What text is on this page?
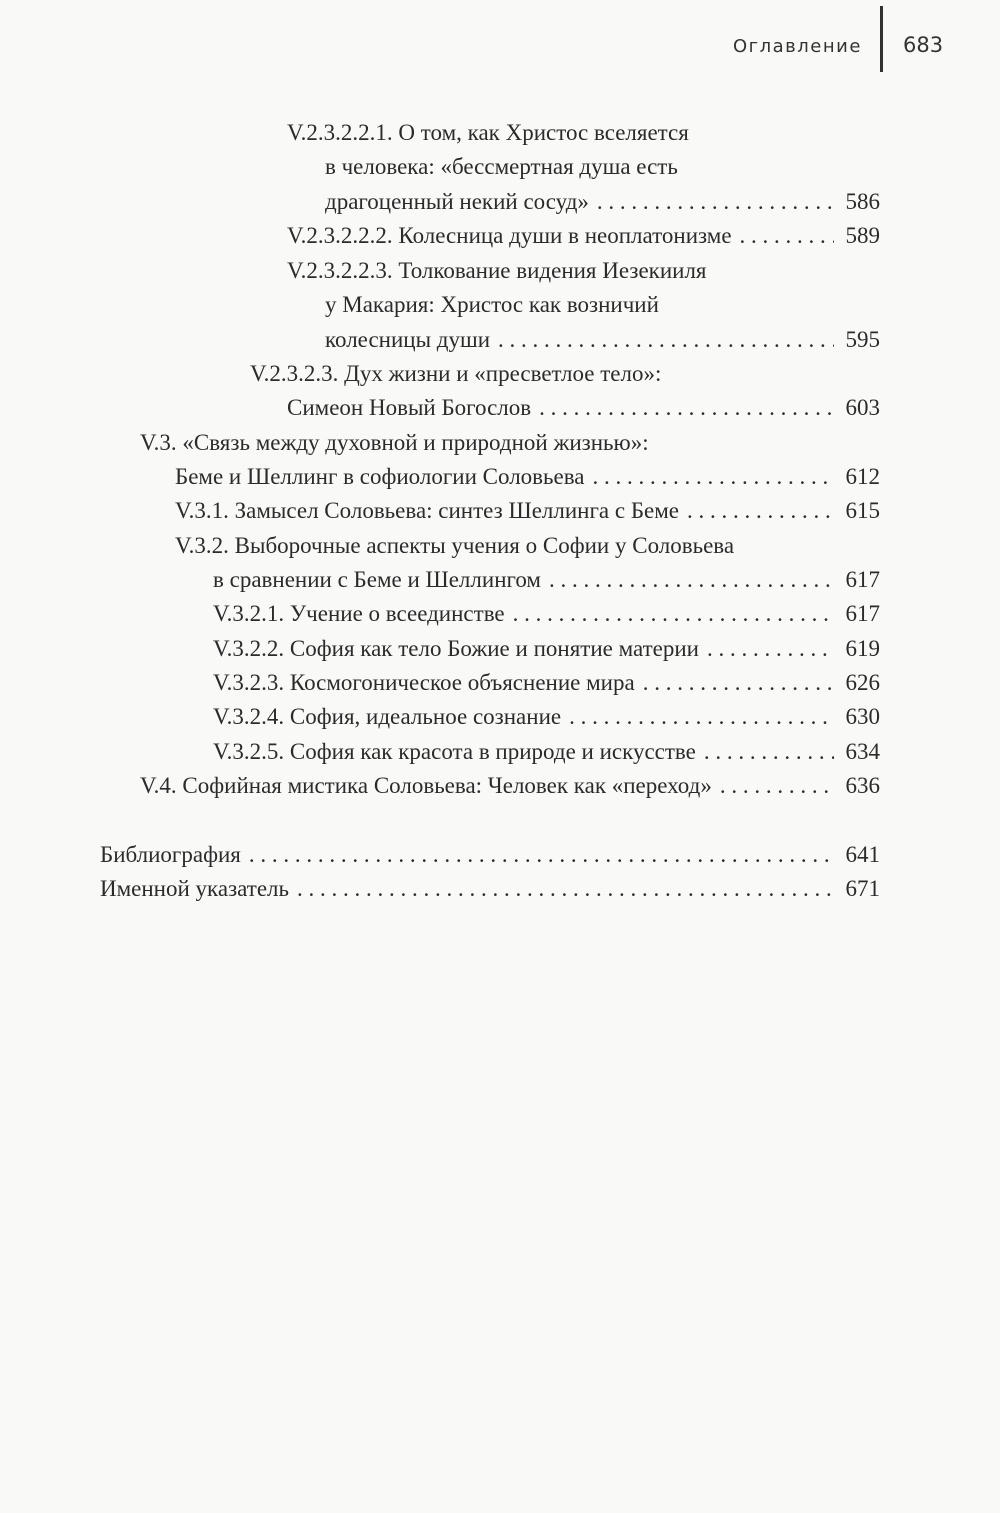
Оглавление 683
V.2.3.2.2.1. О том, как Христос вселяется
в человека: «бессмертная душа есть
драгоценный некий сосуд» . . .	586
V.2.3.2.2.2. Колесница души в неоплатонизме . . .	589
V.2.3.2.2.3. Толкование видения Иезекииля
у Макария: Христос как возничий
колесницы души . . .	595
V.2.3.2.3. Дух жизни и «пресветлое тело»:
Симеон Новый Богослов . . .	603
V.3. «Связь между духовной и природной жизнью»:
Беме и Шеллинг в софиологии Соловьева . . .	612
V.3.1. Замысел Соловьева: синтез Шеллинга с Беме . . .	615
V.3.2. Выборочные аспекты учения о Софии у Соловьева
в сравнении с Беме и Шеллингом . . .	617
V.3.2.1. Учение о всеединстве . . .	617
V.3.2.2. София как тело Божие и понятие материи . . .	619
V.3.2.3. Космогоническое объяснение мира . . .	626
V.3.2.4. София, идеальное сознание . . .	630
V.3.2.5. София как красота в природе и искусстве . . .	634
V.4. Софийная мистика Соловьева: Человек как «переход» . . .	636
Библиография . . .	641
Именной указатель . . .	671
